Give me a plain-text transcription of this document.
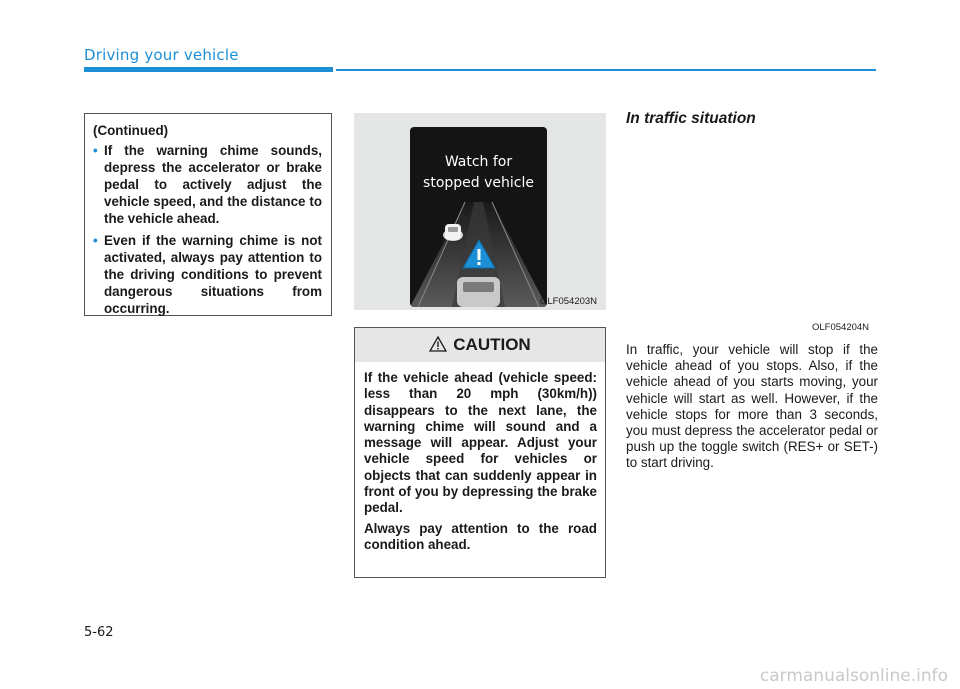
Driving your vehicle
(Continued)
• If the warning chime sounds, depress the accelerator or brake pedal to actively adjust the vehicle speed, and the distance to the vehicle ahead.
• Even if the warning chime is not activated, always pay attention to the driving conditions to prevent dangerous situations from occurring.
Watch for
stopped vehicle
OLF054203N
CAUTION

If the vehicle ahead (vehicle speed: less than 20 mph (30km/h)) disappears to the next lane, the warning chime will sound and a message will appear. Adjust your vehicle speed for vehicles or objects that can suddenly appear in front of you by depressing the brake pedal.

Always pay attention to the road condition ahead.

In traffic situation
OLF054204N
In traffic, your vehicle will stop if the vehicle ahead of you stops. Also, if the vehicle ahead of you starts moving, your vehicle will start as well. However, if the vehicle stops for more than 3 seconds, you must depress the accelerator pedal or push up the toggle switch (RES+ or SET-) to start driving.
5-62
carmanualsonline.info
